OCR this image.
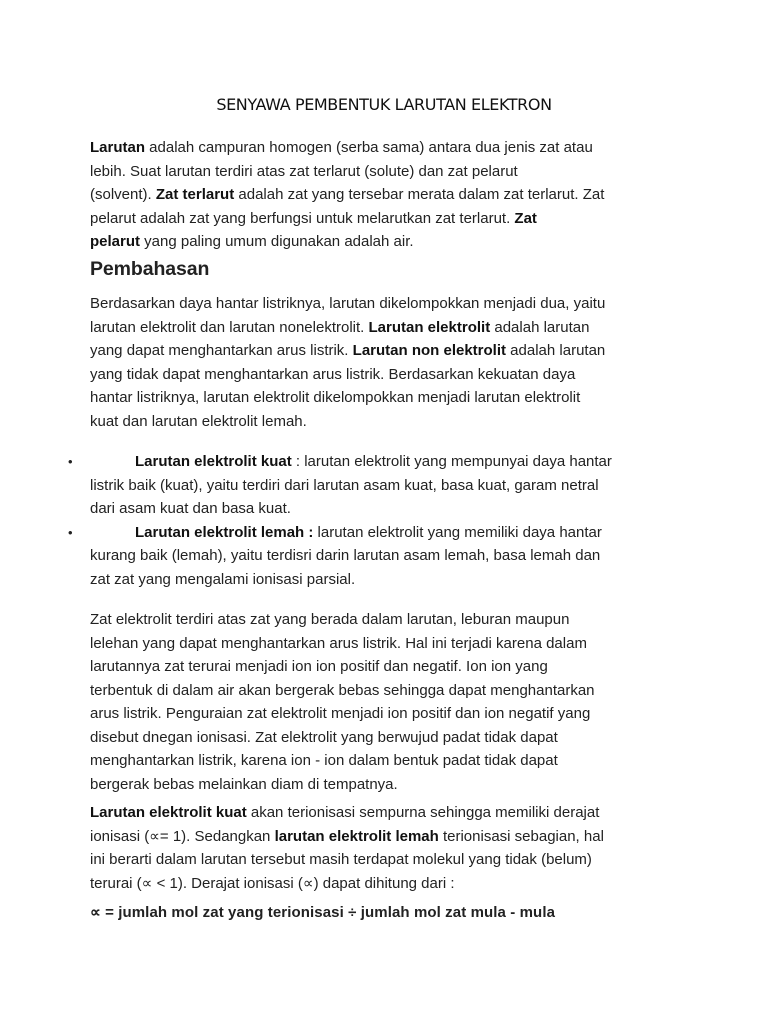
SENYAWA PEMBENTUK LARUTAN ELEKTRON
Larutan adalah campuran homogen (serba sama) antara dua jenis zat atau
lebih. Suat larutan terdiri atas zat terlarut (solute) dan zat pelarut
(solvent). Zat terlarut adalah zat yang tersebar merata dalam zat terlarut. Zat
pelarut adalah zat yang berfungsi untuk melarutkan zat terlarut. Zat
pelarut yang paling umum digunakan adalah air.
Pembahasan
Berdasarkan daya hantar listriknya, larutan dikelompokkan menjadi dua, yaitu
larutan elektrolit dan larutan nonelektrolit. Larutan elektrolit adalah larutan
yang dapat menghantarkan arus listrik. Larutan non elektrolit adalah larutan
yang tidak dapat menghantarkan arus listrik. Berdasarkan kekuatan daya
hantar listriknya, larutan elektrolit dikelompokkan menjadi larutan elektrolit
kuat dan larutan elektrolit lemah.
•	Larutan elektrolit kuat : larutan elektrolit yang mempunyai daya hantar
listrik baik (kuat), yaitu terdiri dari larutan asam kuat, basa kuat, garam netral
dari asam kuat dan basa kuat.
•	Larutan elektrolit lemah : larutan elektrolit yang memiliki daya hantar
kurang baik (lemah), yaitu terdisri darin larutan asam lemah, basa lemah dan
zat zat yang mengalami ionisasi parsial.
Zat elektrolit terdiri atas zat yang berada dalam larutan, leburan maupun
lelehan yang dapat menghantarkan arus listrik. Hal ini terjadi karena dalam
larutannya zat terurai menjadi ion ion positif dan negatif. Ion ion yang
terbentuk di dalam air akan bergerak bebas sehingga dapat menghantarkan
arus listrik. Penguraian zat elektrolit menjadi ion positif dan ion negatif yang
disebut dnegan ionisasi. Zat elektrolit yang berwujud padat tidak dapat
menghantarkan listrik, karena ion - ion dalam bentuk padat tidak dapat
bergerak bebas melainkan diam di tempatnya.
Larutan elektrolit kuat akan terionisasi sempurna sehingga memiliki derajat
ionisasi (∝= 1). Sedangkan larutan elektrolit lemah terionisasi sebagian, hal
ini berarti dalam larutan tersebut masih terdapat molekul yang tidak (belum)
terurai (∝ < 1). Derajat ionisasi (∝) dapat dihitung dari :
∝ = jumlah mol zat yang terionisasi ÷ jumlah mol zat mula - mula
